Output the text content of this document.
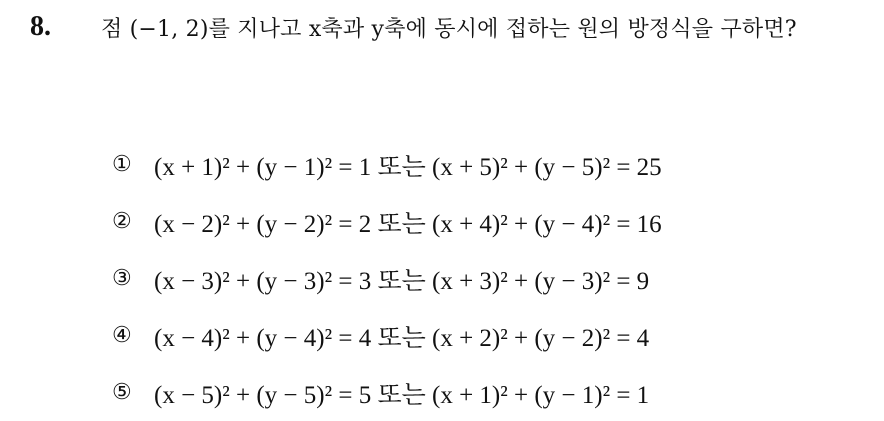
8. 점 (−1, 2)를 지나고 x축과 y축에 동시에 접하는 원의 방정식을 구하면?
① (x + 1)² + (y − 1)² = 1 또는 (x + 5)² + (y − 5)² = 25
② (x − 2)² + (y − 2)² = 2 또는 (x + 4)² + (y − 4)² = 16
③ (x − 3)² + (y − 3)² = 3 또는 (x + 3)² + (y − 3)² = 9
④ (x − 4)² + (y − 4)² = 4 또는 (x + 2)² + (y − 2)² = 4
⑤ (x − 5)² + (y − 5)² = 5 또는 (x + 1)² + (y − 1)² = 1
